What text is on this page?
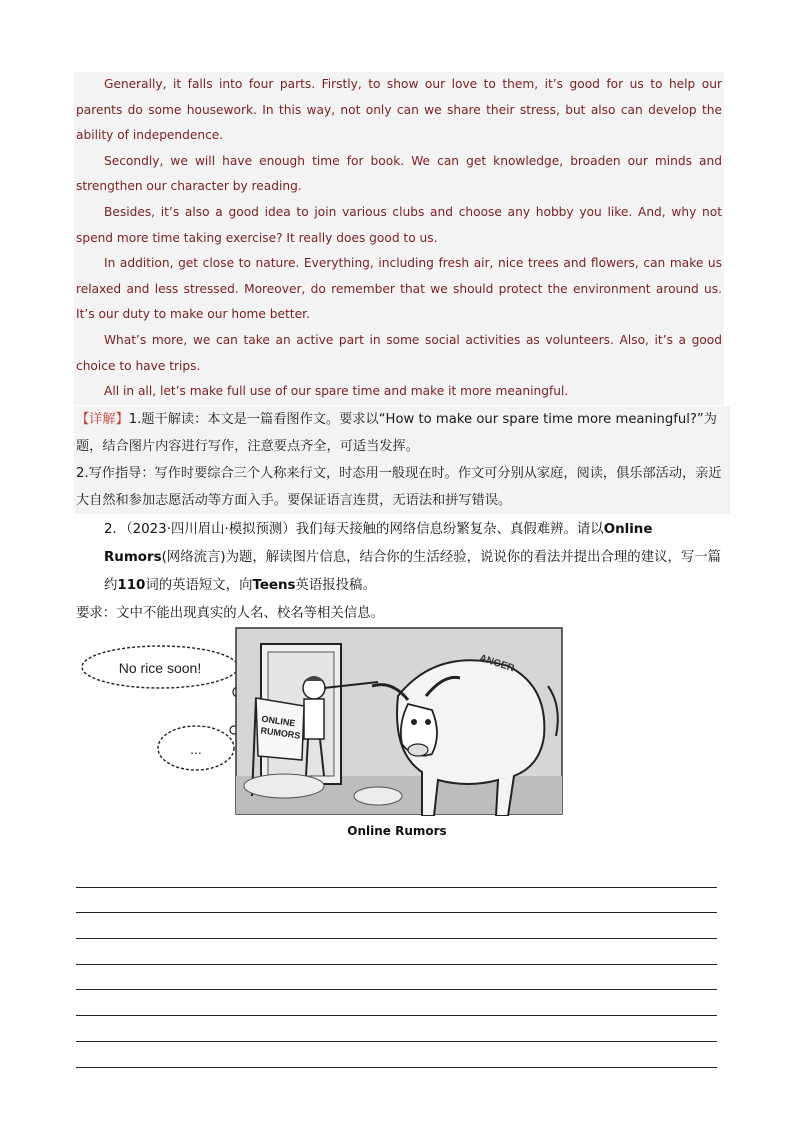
Generally, it falls into four parts. Firstly, to show our love to them, it’s good for us to help our parents do some housework. In this way, not only can we share their stress, but also can develop the ability of independence.

Secondly, we will have enough time for book. We can get knowledge, broaden our minds and strengthen our character by reading.

Besides, it’s also a good idea to join various clubs and choose any hobby you like. And, why not spend more time taking exercise? It really does good to us.

In addition, get close to nature. Everything, including fresh air, nice trees and flowers, can make us relaxed and less stressed. Moreover, do remember that we should protect the environment around us. It’s our duty to make our home better.

What’s more, we can take an active part in some social activities as volunteers. Also, it’s a good choice to have trips.

All in all, let’s make full use of our spare time and make it more meaningful.

【详解】1.题干解读：本文是一篇看图作文。要求以“How to make our spare time more meaningful?”为题，结合图片内容进行写作，注意要点齐全，可适当发挥。

2.写作指导：写作时要综合三个人称来行文，时态用一般现在时。作文可分别从家庭，阅读，俱乐部活动，亲近大自然和参加志愿活动等方面入手。要保证语言连贯，无语法和拼写错误。

2．（2023·四川眉山·模拟预测）我们每天接触的网络信息纷繁复杂、真假难辨。请以Online Rumors(网络流言)为题，解读图片信息，结合你的生活经验，说说你的看法并提出合理的建议，写一篇约110词的英语短文，向Teens英语报投稿。

要求：文中不能出现真实的人名、校名等相关信息。

No rice soon!
...
ONLINE
RUMORS
ANGER
Online Rumors
